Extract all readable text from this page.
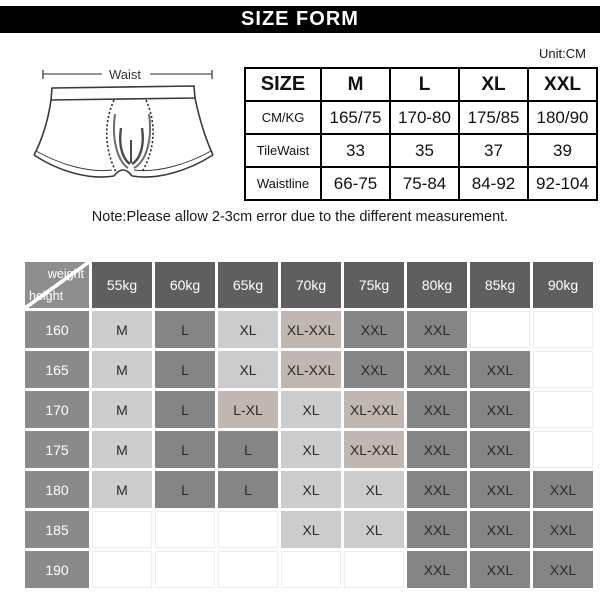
SIZE FORM
Unit:CM
Waist	SIZE	M	L	XL	XXL
CM/KG	165/75	170-80	175/85	180/90
TileWaist	33	35	37	39
Waistline	66-75	75-84	84-92	92-104
Note:Please allow 2-3cm error due to the different measurement.
weight
height	55kg	60kg	65kg	70kg	75kg	80kg	85kg	90kg
160	M	L	XL	XL-XXL	XXL	XXL		
165	M	L	XL	XL-XXL	XXL	XXL	XXL	
170	M	L	L-XL	XL	XL-XXL	XXL	XXL	
175	M	L	L	XL	XL-XXL	XXL	XXL	
180	M	L	L	XL	XL	XXL	XXL	XXL
185				XL	XL	XXL	XXL	XXL
190						XXL	XXL	XXL
